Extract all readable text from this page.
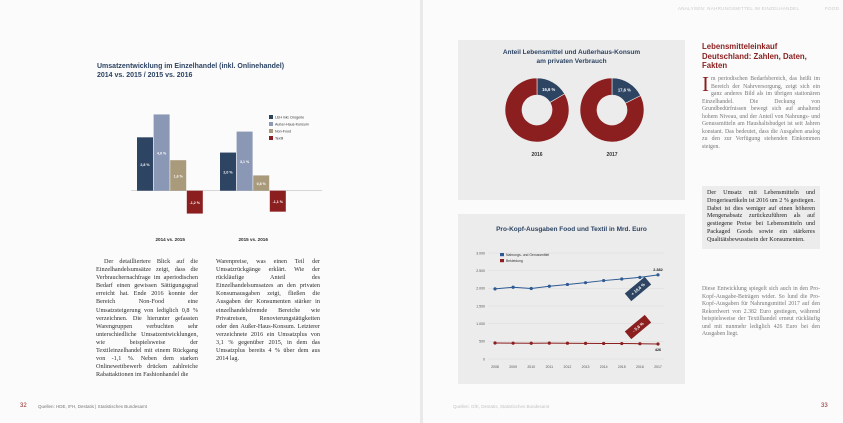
Umsatzentwicklung im Einzelhandel (inkl. Onlinehandel)
2014 vs. 2015 / 2015 vs. 2016
2,8 %
4,0 %
1,6 %
-1,2 %
2014 vs. 2015
2,0 %
3,1 %
0,8 %
-1,1 %
2015 vs. 2016
LEH inkl. Drogerie
Außer-Haus-Konsum
Non-Food
Textil

Der detailliertere Blick auf die Einzelhandelsumsätze zeigt, dass die Verbrauchernachfrage im aperiodischen Bedarf einen gewissen Sättigungsgrad erreicht hat. Ende 2016 konnte der Bereich Non-Food eine Umsatzsteigerung von lediglich 0,8 % verzeichnen. Die hierunter gefassten Warengruppen verbuchten sehr unterschiedliche Umsatzentwicklungen, wie beispielsweise der Textileinzelhandel mit einem Rückgang von -1,1 %. Neben dem starken Onlinewettbewerb drücken zahlreiche Rabattaktionen im Fashionhandel die

Warenpreise, was einen Teil der Umsatzrückgänge erklärt. Wie der rückläufige Anteil des Einzelhandelsumsatzes an den privaten Konsumausgaben zeigt, fließen die Ausgaben der Konsumenten stärker in einzelhandelsfremde Bereiche wie Privatreisen, Renovierungstätigkeiten oder den Außer-Haus-Konsum. Letzterer verzeichnete 2016 ein Umsatzplus von 3,1 % gegenüber 2015, in dem das Umsatzplus bereits 4 % über dem aus 2014 lag.

32	Quellen: HDE, IFH, Destatis | Statistisches Bundesamt
ANALYSEN: NAHRUNGSMITTEL IM EINZELHANDEL	FOOD
Anteil Lebensmittel und Außerhaus-Konsum
am privaten Verbrauch
16,6 %
2016
17,6 %
2017
Pro-Kopf-Ausgaben Food und Textil in Mrd. Euro
3.000
2.500
2.000
1.500
1.000
500
0
2008	2009	2010	2011	2012	2013	2014	2015	2016	2017
2.382
Nahrungs- und Genussmittel
426
Bekleidung
+ 18,6 %
- 5,6 %
Lebensmitteleinkauf
Deutschland: Zahlen, Daten,
Fakten
Im periodischen Bedarfsbereich, das heißt im Bereich der Nahrversorgung, zeigt sich ein ganz anderes Bild als im übrigen stationären Einzelhandel. Die Deckung von Grundbedürfnissen bewegt sich auf anhaltend hohem Niveau, und der Anteil von Nahrungs- und Genussmitteln am Haushaltsbudget ist seit Jahren konstant. Das bedeutet, dass die Ausgaben analog zu den zur Verfügung stehenden Einkommen steigen.
Der Umsatz mit Lebensmitteln und Drogerieartikeln ist 2016 um 2 % gestiegen. Dabei ist dies weniger auf einen höheren Mengenabsatz zurückzuführen als auf gestiegene Preise bei Lebensmitteln und Packaged Goods sowie ein stärkeres Qualitätsbewusstsein der Konsumenten.
Diese Entwicklung spiegelt sich auch in den Pro-Kopf-Ausgabe-Beträgen wider. So lund die Pro-Kopf-Ausgaben für Nahrungsmittel 2017 auf den Rekordwert von 2.382 Euro gestiegen, während beispielsweise der Textilhandel erneut rückläufig und mit nunmehr lediglich 426 Euro bei den Ausgaben liegt.
Quellen: GfK, Destatis, Statistisches Bundesamt	33
